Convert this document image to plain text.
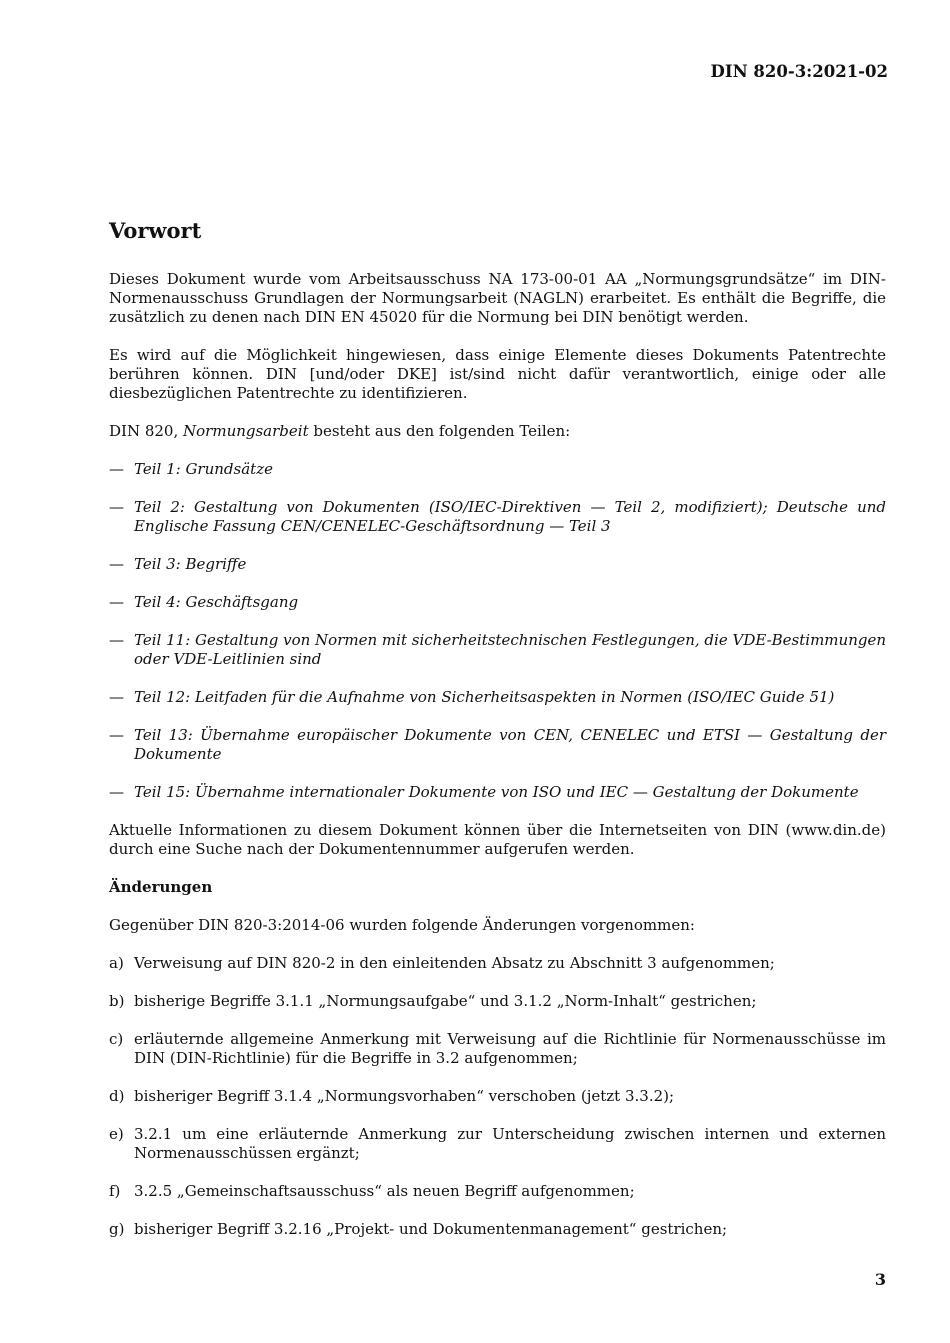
DIN 820-3:2021-02
Vorwort

Dieses Dokument wurde vom Arbeitsausschuss NA 173-00-01 AA „Normungsgrundsätze“ im DIN-Normenausschuss Grundlagen der Normungsarbeit (NAGLN) erarbeitet. Es enthält die Begriffe, die zusätzlich zu denen nach DIN EN 45020 für die Normung bei DIN benötigt werden.

Es wird auf die Möglichkeit hingewiesen, dass einige Elemente dieses Dokuments Patentrechte berühren können. DIN [und/oder DKE] ist/sind nicht dafür verantwortlich, einige oder alle diesbezüglichen Patentrechte zu identifizieren.

DIN 820, Normungsarbeit besteht aus den folgenden Teilen:

— Teil 1: Grundsätze
— Teil 2: Gestaltung von Dokumenten (ISO/IEC-Direktiven — Teil 2, modifiziert); Deutsche und Englische Fassung CEN/CENELEC-Geschäftsordnung — Teil 3
— Teil 3: Begriffe
— Teil 4: Geschäftsgang
— Teil 11: Gestaltung von Normen mit sicherheitstechnischen Festlegungen, die VDE-Bestimmungen oder VDE-Leitlinien sind
— Teil 12: Leitfaden für die Aufnahme von Sicherheitsaspekten in Normen (ISO/IEC Guide 51)
— Teil 13: Übernahme europäischer Dokumente von CEN, CENELEC und ETSI — Gestaltung der Dokumente
— Teil 15: Übernahme internationaler Dokumente von ISO und IEC — Gestaltung der Dokumente

Aktuelle Informationen zu diesem Dokument können über die Internetseiten von DIN (www.din.de) durch eine Suche nach der Dokumentennummer aufgerufen werden.

Änderungen

Gegenüber DIN 820-3:2014-06 wurden folgende Änderungen vorgenommen:

a) Verweisung auf DIN 820-2 in den einleitenden Absatz zu Abschnitt 3 aufgenommen;
b) bisherige Begriffe 3.1.1 „Normungsaufgabe“ und 3.1.2 „Norm-Inhalt“ gestrichen;
c) erläuternde allgemeine Anmerkung mit Verweisung auf die Richtlinie für Normenausschüsse im DIN (DIN-Richtlinie) für die Begriffe in 3.2 aufgenommen;
d) bisheriger Begriff 3.1.4 „Normungsvorhaben“ verschoben (jetzt 3.3.2);
e) 3.2.1 um eine erläuternde Anmerkung zur Unterscheidung zwischen internen und externen Normenausschüssen ergänzt;
f) 3.2.5 „Gemeinschaftsausschuss“ als neuen Begriff aufgenommen;
g) bisheriger Begriff 3.2.16 „Projekt- und Dokumentenmanagement“ gestrichen;
3
